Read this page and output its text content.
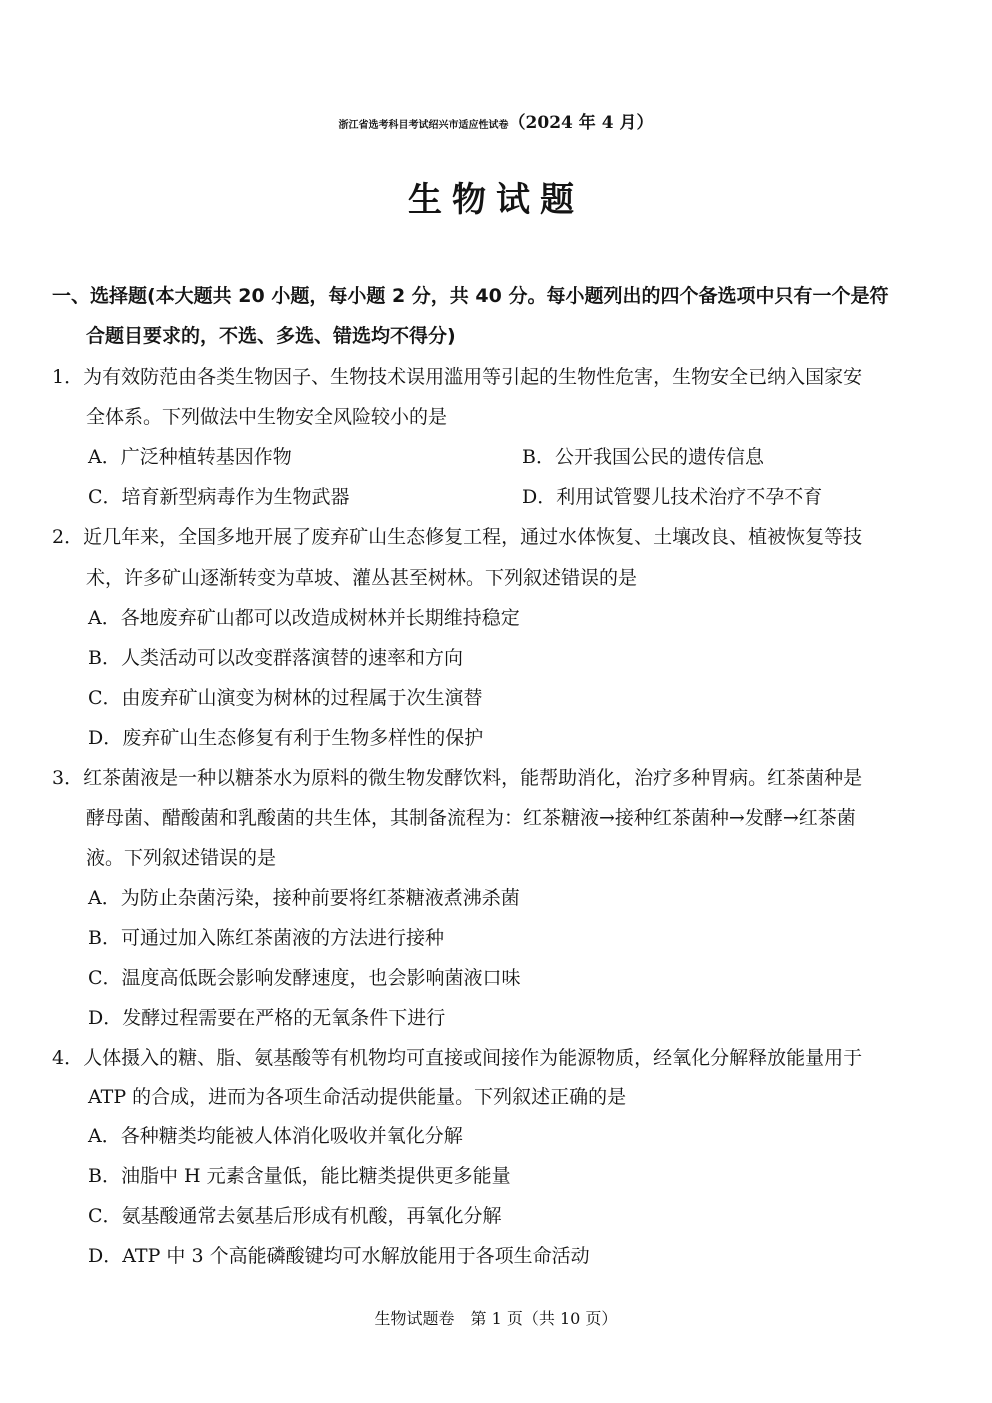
浙江省选考科目考试绍兴市适应性试卷（2024 年 4 月）
生物试题
一、选择题(本大题共 20 小题，每小题 2 分，共 40 分。每小题列出的四个备选项中只有一个是符
合题目要求的，不选、多选、错选均不得分)
1．为有效防范由各类生物因子、生物技术误用滥用等引起的生物性危害，生物安全已纳入国家安
全体系。下列做法中生物安全风险较小的是
A．广泛种植转基因作物	B．公开我国公民的遗传信息
C．培育新型病毒作为生物武器	D．利用试管婴儿技术治疗不孕不育
2．近几年来，全国多地开展了废弃矿山生态修复工程，通过水体恢复、土壤改良、植被恢复等技
术，许多矿山逐渐转变为草坡、灌丛甚至树林。下列叙述错误的是
A．各地废弃矿山都可以改造成树林并长期维持稳定
B．人类活动可以改变群落演替的速率和方向
C．由废弃矿山演变为树林的过程属于次生演替
D．废弃矿山生态修复有利于生物多样性的保护
3．红茶菌液是一种以糖茶水为原料的微生物发酵饮料，能帮助消化，治疗多种胃病。红茶菌种是
酵母菌、醋酸菌和乳酸菌的共生体，其制备流程为：红茶糖液→接种红茶菌种→发酵→红茶菌
液。下列叙述错误的是
A．为防止杂菌污染，接种前要将红茶糖液煮沸杀菌
B．可通过加入陈红茶菌液的方法进行接种
C．温度高低既会影响发酵速度，也会影响菌液口味
D．发酵过程需要在严格的无氧条件下进行
4．人体摄入的糖、脂、氨基酸等有机物均可直接或间接作为能源物质，经氧化分解释放能量用于
ATP 的合成，进而为各项生命活动提供能量。下列叙述正确的是
A．各种糖类均能被人体消化吸收并氧化分解
B．油脂中 H 元素含量低，能比糖类提供更多能量
C．氨基酸通常去氨基后形成有机酸，再氧化分解
D．ATP 中 3 个高能磷酸键均可水解放能用于各项生命活动
生物试题卷　第 1 页（共 10 页）
